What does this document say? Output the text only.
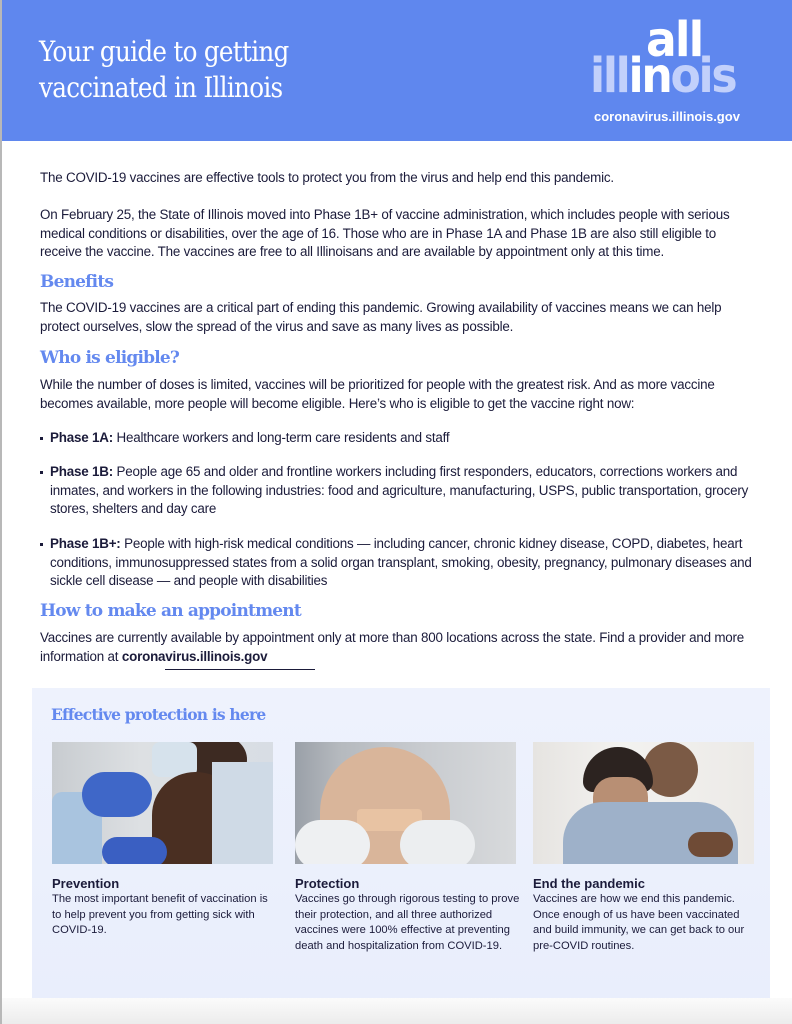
Your guide to getting
vaccinated in Illinois
all
illinois
coronavirus.illinois.gov

The COVID-19 vaccines are effective tools to protect you from the virus and help end this pandemic.

On February 25, the State of Illinois moved into Phase 1B+ of vaccine administration, which includes people with serious medical conditions or disabilities, over the age of 16. Those who are in Phase 1A and Phase 1B are also still eligible to receive the vaccine. The vaccines are free to all Illinoisans and are available by appointment only at this time.

Benefits

The COVID-19 vaccines are a critical part of ending this pandemic. Growing availability of vaccines means we can help protect ourselves, slow the spread of the virus and save as many lives as possible.

Who is eligible?

While the number of doses is limited, vaccines will be prioritized for people with the greatest risk. And as more vaccine becomes available, more people will become eligible. Here’s who is eligible to get the vaccine right now:

Phase 1A: Healthcare workers and long-term care residents and staff
Phase 1B: People age 65 and older and frontline workers including first responders, educators, corrections workers and inmates, and workers in the following industries: food and agriculture, manufacturing, USPS, public transportation, grocery stores, shelters and day care
Phase 1B+: People with high-risk medical conditions — including cancer, chronic kidney disease, COPD, diabetes, heart conditions, immunosuppressed states from a solid organ transplant, smoking, obesity, pregnancy, pulmonary diseases and sickle cell disease — and people with disabilities
How to make an appointment

Vaccines are currently available by appointment only at more than 800 locations across the state. Find a provider and more information at coronavirus.illinois.gov

Effective protection is here

Prevention

The most important benefit of vaccination is to help prevent you from getting sick with COVID-19.

Protection

Vaccines go through rigorous testing to prove their protection, and all three authorized vaccines were 100% effective at preventing death and hospitalization from COVID-19.

End the pandemic

Vaccines are how we end this pandemic. Once enough of us have been vaccinated and build immunity, we can get back to our pre-COVID routines.
